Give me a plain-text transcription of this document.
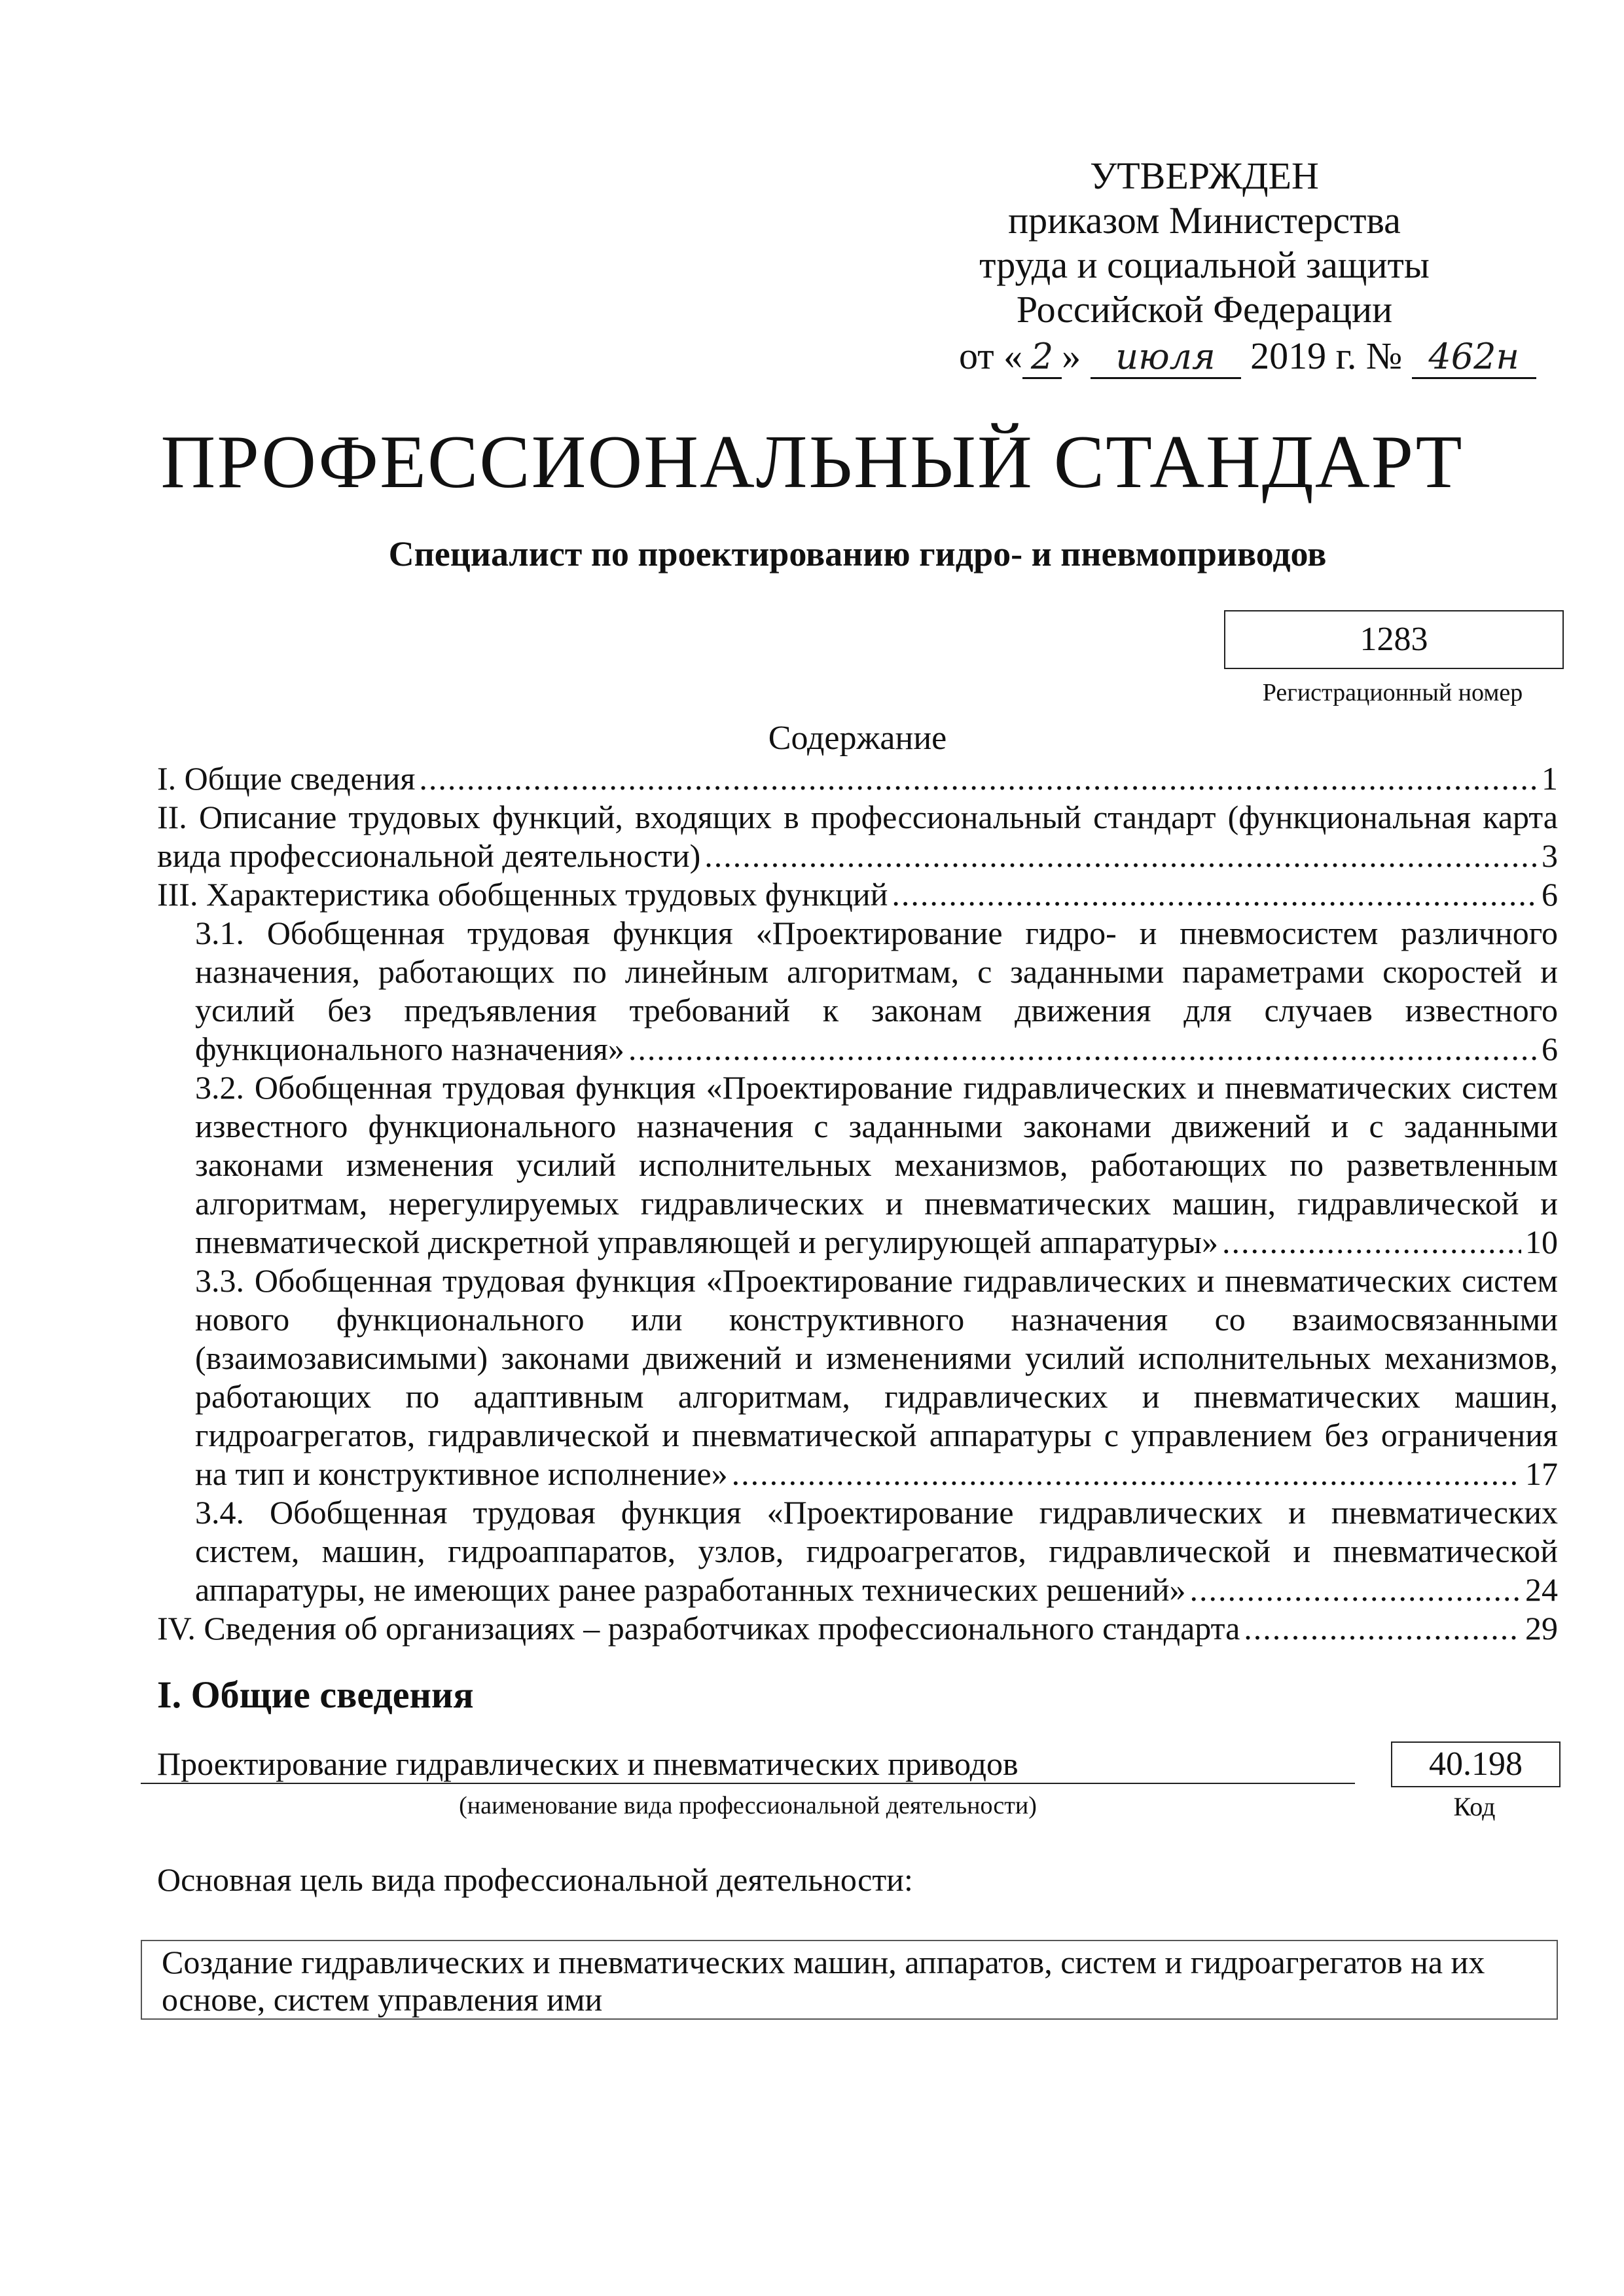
УТВЕРЖДЕН
приказом Министерства
труда и социальной защиты
Российской Федерации
от « 2 » июля 2019 г. № 462н
ПРОФЕССИОНАЛЬНЫЙ СТАНДАРТ
Специалист по проектированию гидро- и пневмоприводов
1283
Регистрационный номер
Содержание
I. Общие сведения .....	1
II. Описание трудовых функций, входящих в профессиональный стандарт (функциональная карта
вида профессиональной деятельности) .....	3
III. Характеристика обобщенных трудовых функций .....	6
3.1. Обобщенная трудовая функция «Проектирование гидро- и пневмосистем различного
назначения, работающих по линейным алгоритмам, с заданными параметрами скоростей и
усилий без предъявления требований к законам движения для случаев известного
функционального назначения» .....	6
3.2. Обобщенная трудовая функция «Проектирование гидравлических и пневматических систем
известного функционального назначения с заданными законами движений и с заданными
законами изменения усилий исполнительных механизмов, работающих по разветвленным
алгоритмам, нерегулируемых гидравлических и пневматических машин, гидравлической и
пневматической дискретной управляющей и регулирующей аппаратуры» .....	10
3.3. Обобщенная трудовая функция «Проектирование гидравлических и пневматических систем
нового функционального или конструктивного назначения со взаимосвязанными
(взаимозависимыми) законами движений и изменениями усилий исполнительных механизмов,
работающих по адаптивным алгоритмам, гидравлических и пневматических машин,
гидроагрегатов, гидравлической и пневматической аппаратуры с управлением без ограничения
на тип и конструктивное исполнение» .....	17
3.4. Обобщенная трудовая функция «Проектирование гидравлических и пневматических
систем, машин, гидроаппаратов, узлов, гидроагрегатов, гидравлической и пневматической
аппаратуры, не имеющих ранее разработанных технических решений» .....	24
IV. Сведения об организациях – разработчиках профессионального стандарта .....	29
I. Общие сведения
Проектирование гидравлических и пневматических приводов
(наименование вида профессиональной деятельности)
40.198
Код
Основная цель вида профессиональной деятельности:
Создание гидравлических и пневматических машин, аппаратов, систем и гидроагрегатов на их
основе, систем управления ими
